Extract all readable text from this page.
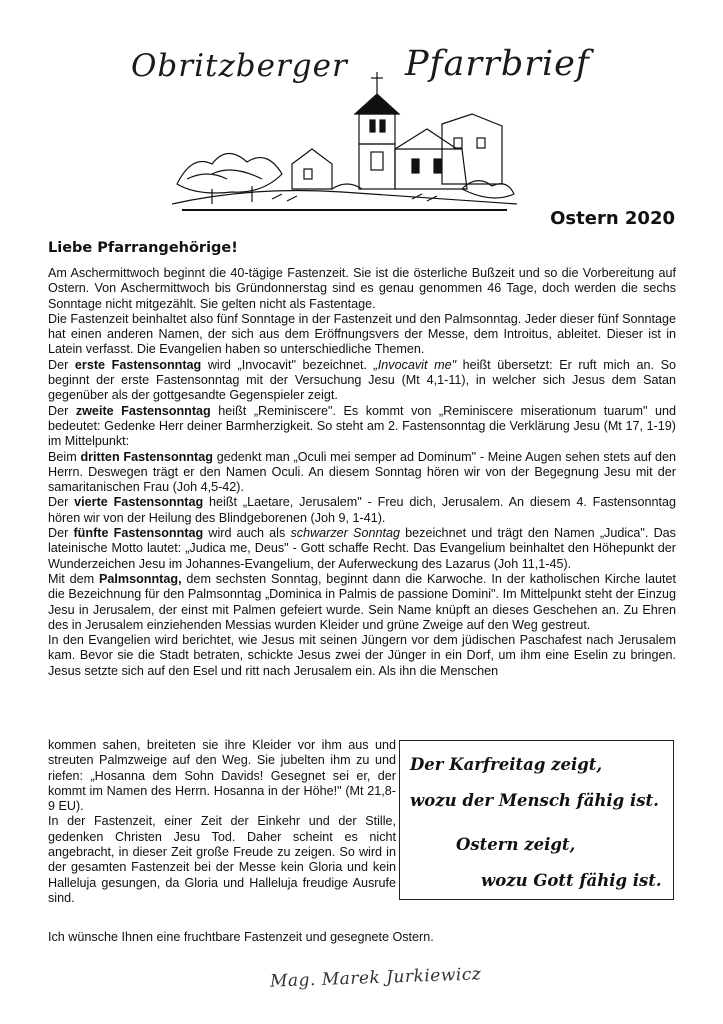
Obritzberger Pfarrbrief
Ostern 2020
Liebe Pfarrangehörige!

Am Aschermittwoch beginnt die 40-tägige Fastenzeit. Sie ist die österliche Bußzeit und so die Vorbereitung auf Ostern. Von Aschermittwoch bis Gründonnerstag sind es genau genommen 46 Tage, doch werden die sechs Sonntage nicht mitgezählt. Sie gelten nicht als Fastentage.

Die Fastenzeit beinhaltet also fünf Sonntage in der Fastenzeit und den Palmsonntag. Jeder dieser fünf Sonntage hat einen anderen Namen, der sich aus dem Eröffnungsvers der Messe, dem Introitus, ableitet. Dieser ist in Latein verfasst. Die Evangelien haben so unterschiedliche Themen.

Der erste Fastensonntag wird „Invocavit" bezeichnet. „Invocavit me" heißt übersetzt: Er ruft mich an. So beginnt der erste Fastensonntag mit der Versuchung Jesu (Mt 4,1-11), in welcher sich Jesus dem Satan gegenüber als der gottgesandte Gegenspieler zeigt.

Der zweite Fastensonntag heißt „Reminiscere". Es kommt von „Reminiscere miserationum tuarum" und bedeutet: Gedenke Herr deiner Barmherzigkeit. So steht am 2. Fastensonntag die Verklärung Jesu (Mt 17, 1-19) im Mittelpunkt:

Beim dritten Fastensonntag gedenkt man „Oculi mei semper ad Dominum" - Meine Augen sehen stets auf den Herrn. Deswegen trägt er den Namen Oculi. An diesem Sonntag hören wir von der Begegnung Jesu mit der samaritanischen Frau (Joh 4,5-42).

Der vierte Fastensonntag heißt „Laetare, Jerusalem" - Freu dich, Jerusalem. An diesem 4. Fastensonntag hören wir von der Heilung des Blindgeborenen (Joh 9, 1-41).

Der fünfte Fastensonntag wird auch als schwarzer Sonntag bezeichnet und trägt den Namen „Judica". Das lateinische Motto lautet: „Judica me, Deus" - Gott schaffe Recht. Das Evangelium beinhaltet den Höhepunkt der Wunderzeichen Jesu im Johannes-Evangelium, der Auferweckung des Lazarus (Joh 11,1-45).

Mit dem Palmsonntag, dem sechsten Sonntag, beginnt dann die Karwoche. In der katholischen Kirche lautet die Bezeichnung für den Palmsonntag „Dominica in Palmis de passione Domini". Im Mittelpunkt steht der Einzug Jesu in Jerusalem, der einst mit Palmen gefeiert wurde. Sein Name knüpft an dieses Geschehen an. Zu Ehren des in Jerusalem einziehenden Messias wurden Kleider und grüne Zweige auf den Weg gestreut.

In den Evangelien wird berichtet, wie Jesus mit seinen Jüngern vor dem jüdischen Paschafest nach Jerusalem kam. Bevor sie die Stadt betraten, schickte Jesus zwei der Jünger in ein Dorf, um ihm eine Eselin zu bringen. Jesus setzte sich auf den Esel und ritt nach Jerusalem ein. Als ihn die Menschen

kommen sahen, breiteten sie ihre Kleider vor ihm aus und streuten Palmzweige auf den Weg. Sie jubelten ihm zu und riefen: „Hosanna dem Sohn Davids! Gesegnet sei er, der kommt im Namen des Herrn. Hosanna in der Höhe!" (Mt 21,8-9 EU).

In der Fastenzeit, einer Zeit der Einkehr und der Stille, gedenken Christen Jesu Tod. Daher scheint es nicht angebracht, in dieser Zeit große Freude zu zeigen. So wird in der gesamten Fastenzeit bei der Messe kein Gloria und kein Halleluja gesungen, da Gloria und Halleluja freudige Ausrufe sind.

Der Karfreitag zeigt,
wozu der Mensch fähig ist.
Ostern zeigt,
wozu Gott fähig ist.
Ich wünsche Ihnen eine fruchtbare Fastenzeit und gesegnete Ostern.
Mag. Marek Jurkiewicz
